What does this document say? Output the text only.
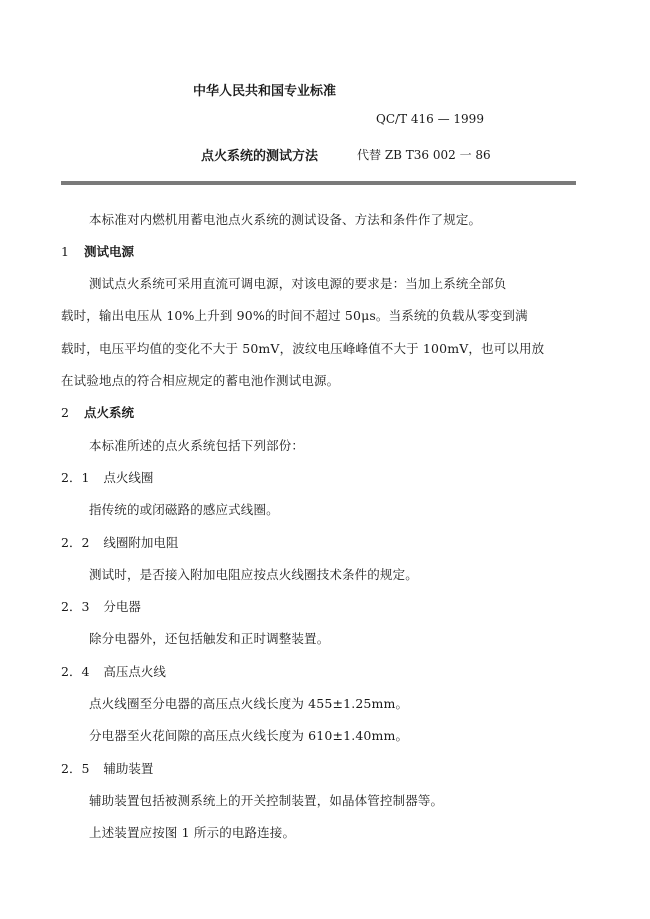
中华人民共和国专业标准
QC/T 416 — 1999
点火系统的测试方法	代替 ZB T36 002 一 86
本标准对内燃机用蓄电池点火系统的测试设备、方法和条件作了规定。
1 测试电源
测试点火系统可采用直流可调电源，对该电源的要求是：当加上系统全部负
载时，输出电压从 10%上升到 90%的时间不超过 50μs。当系统的负载从零变到满
载时，电压平均值的变化不大于 50mV，波纹电压峰峰值不大于 100mV，也可以用放
在试验地点的符合相应规定的蓄电池作测试电源。
2 点火系统
本标准所述的点火系统包括下列部份：
2．1 点火线圈
指传统的或闭磁路的感应式线圈。
2．2 线圈附加电阻
测试时，是否接入附加电阻应按点火线圈技术条件的规定。
2．3 分电器
除分电器外，还包括触发和正时调整装置。
2．4 高压点火线
点火线圈至分电器的高压点火线长度为 455±1.25mm。
分电器至火花间隙的高压点火线长度为 610±1.40mm。
2．5 辅助装置
辅助装置包括被测系统上的开关控制装置，如晶体管控制器等。
上述装置应按图 1 所示的电路连接。
